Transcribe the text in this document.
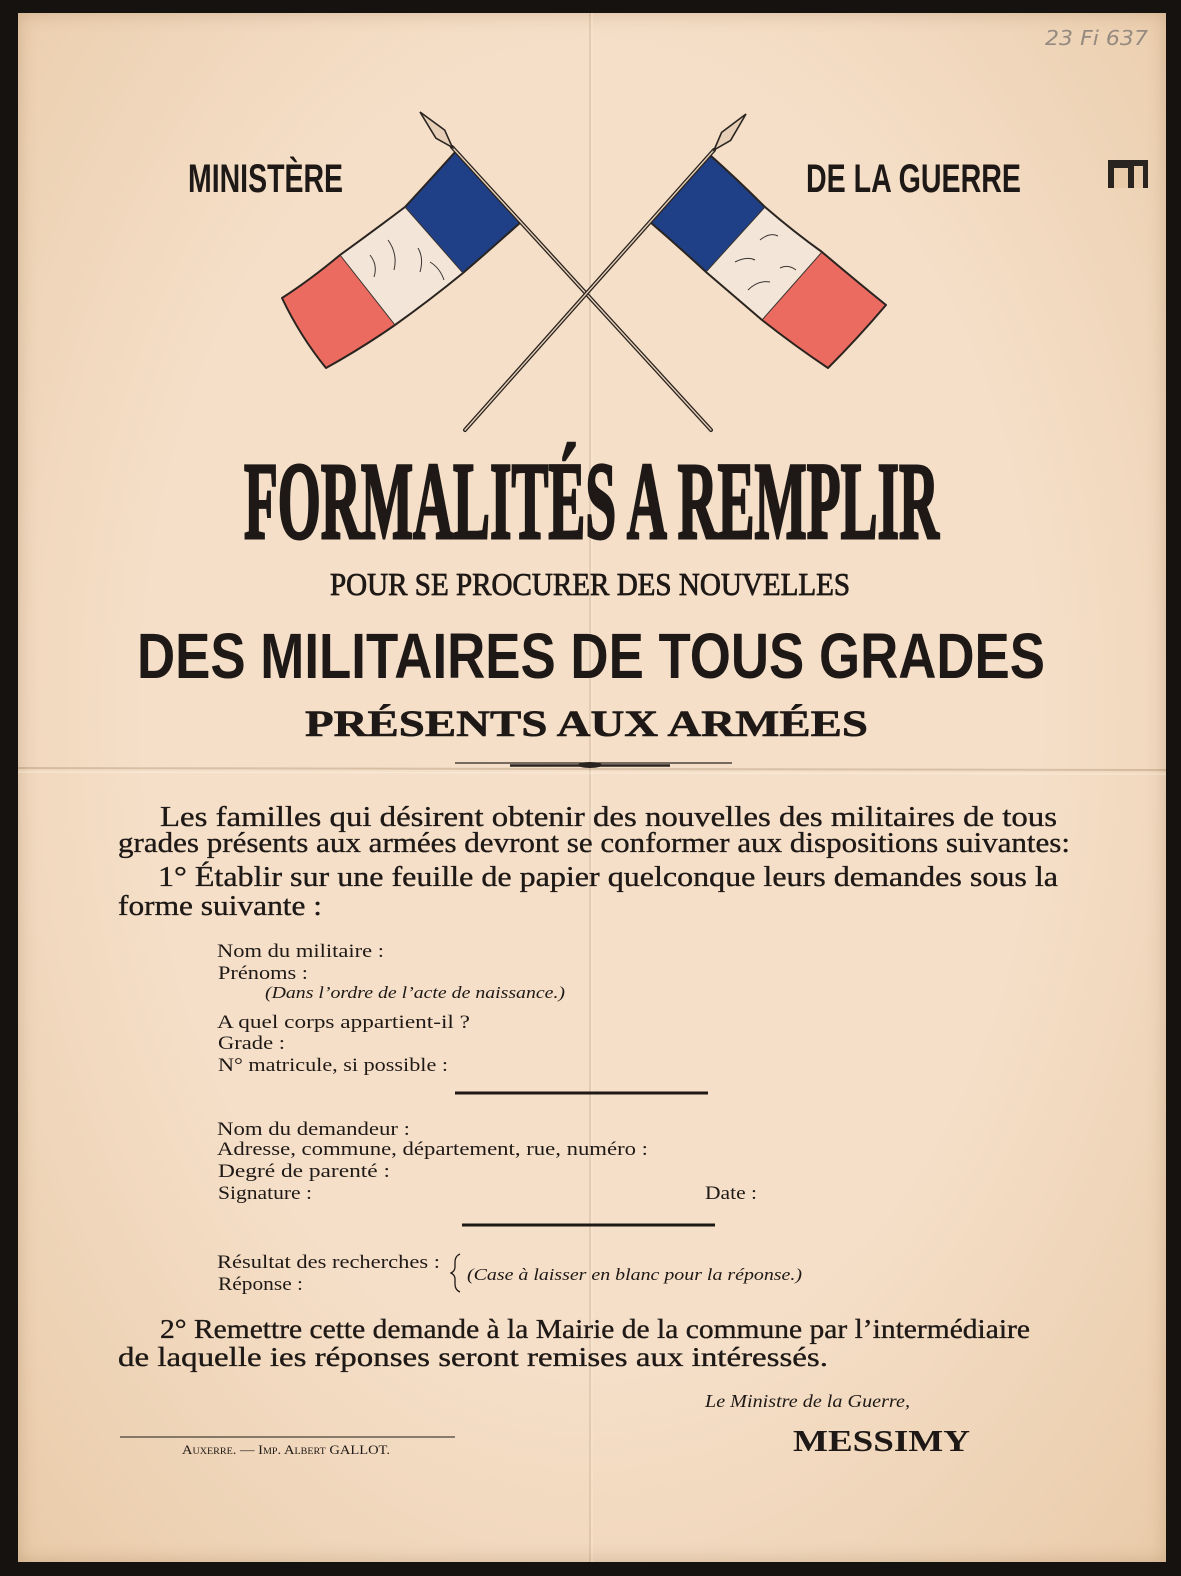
23 Fi 637
MINISTÈRE	DE LA GUERRE
FORMALITÉS A REMPLIR
POUR SE PROCURER DES NOUVELLES
DES MILITAIRES DE TOUS GRADES
PRÉSENTS AUX ARMÉES
Les familles qui désirent obtenir des nouvelles des militaires de tous
grades présents aux armées devront se conformer aux dispositions suivantes:
1° Établir sur une feuille de papier quelconque leurs demandes sous la
forme suivante :
Nom du militaire :
Prénoms :
(Dans l’ordre de l’acte de naissance.)
A quel corps appartient-il ?
Grade :
N° matricule, si possible :
Nom du demandeur :
Adresse, commune, département, rue, numéro :
Degré de parenté :
Signature :	Date :
Résultat des recherches :
Réponse :	(Case à laisser en blanc pour la réponse.)
2° Remettre cette demande à la Mairie de la commune par l’intermédiaire
de laquelle ies réponses seront remises aux intéressés.
Le Ministre de la Guerre,
MESSIMY
Auxerre. — Imp. Albert GALLOT.
